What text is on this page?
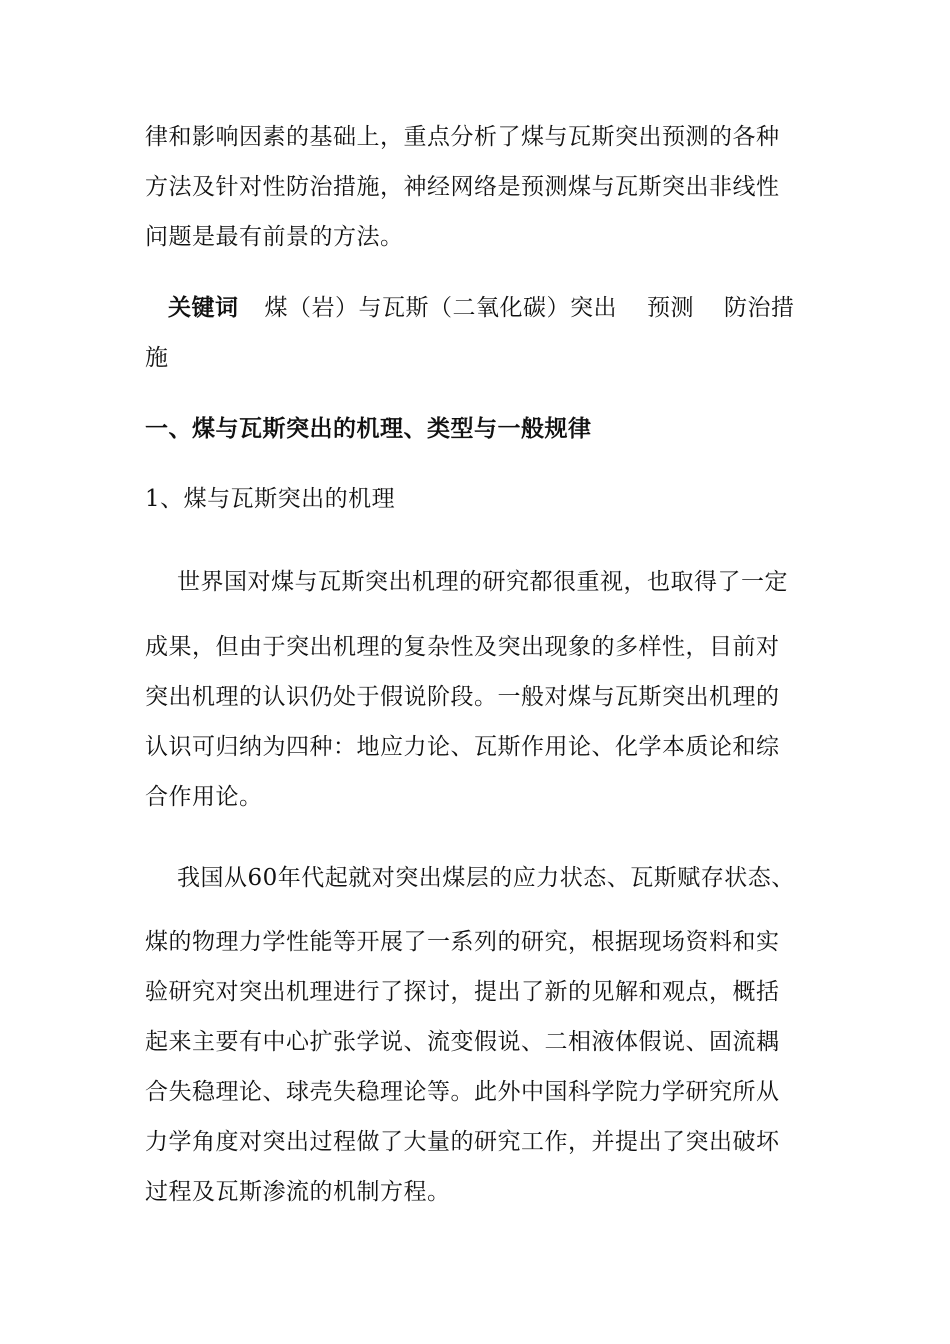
律和影响因素的基础上，重点分析了煤与瓦斯突出预测的各种
方法及针对性防治措施，神经网络是预测煤与瓦斯突出非线性
问题是最有前景的方法。
关键词 煤（岩）与瓦斯（二氧化碳）突出 预测 防治措
施
一、煤与瓦斯突出的机理、类型与一般规律
1、煤与瓦斯突出的机理
世界国对煤与瓦斯突出机理的研究都很重视，也取得了一定
成果，但由于突出机理的复杂性及突出现象的多样性，目前对
突出机理的认识仍处于假说阶段。一般对煤与瓦斯突出机理的
认识可归纳为四种：地应力论、瓦斯作用论、化学本质论和综
合作用论。
我国从60年代起就对突出煤层的应力状态、瓦斯赋存状态、
煤的物理力学性能等开展了一系列的研究，根据现场资料和实
验研究对突出机理进行了探讨，提出了新的见解和观点，概括
起来主要有中心扩张学说、流变假说、二相液体假说、固流耦
合失稳理论、球壳失稳理论等。此外中国科学院力学研究所从
力学角度对突出过程做了大量的研究工作，并提出了突出破坏
过程及瓦斯渗流的机制方程。
